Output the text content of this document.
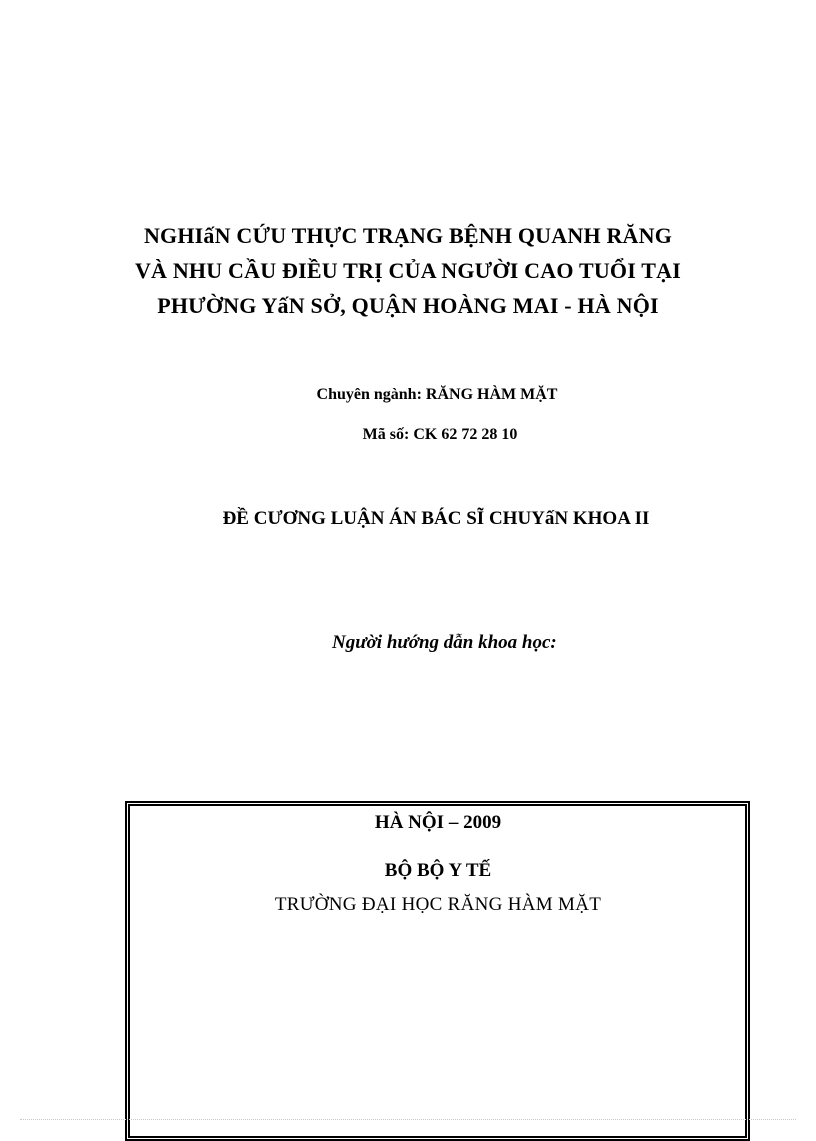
NGHIấN CỨU THỰC TRẠNG BỆNH QUANH RĂNG
VÀ NHU CẦU ĐIỀU TRỊ CỦA NGƯỜI CAO TUỔI TẠI
PHƯỜNG YấN SỞ, QUẬN HOÀNG MAI - HÀ NỘI
Chuyên ngành: RĂNG HÀM MẶT
Mã số: CK 62 72 28 10
ĐỀ CƯƠNG LUẬN ÁN BÁC SĨ CHUYấN KHOA II
Người hướng dẫn khoa học:
HÀ NỘI – 2009
BỘ BỘ Y TẾ
TRƯỜNG ĐẠI HỌC RĂNG HÀM MẶT
